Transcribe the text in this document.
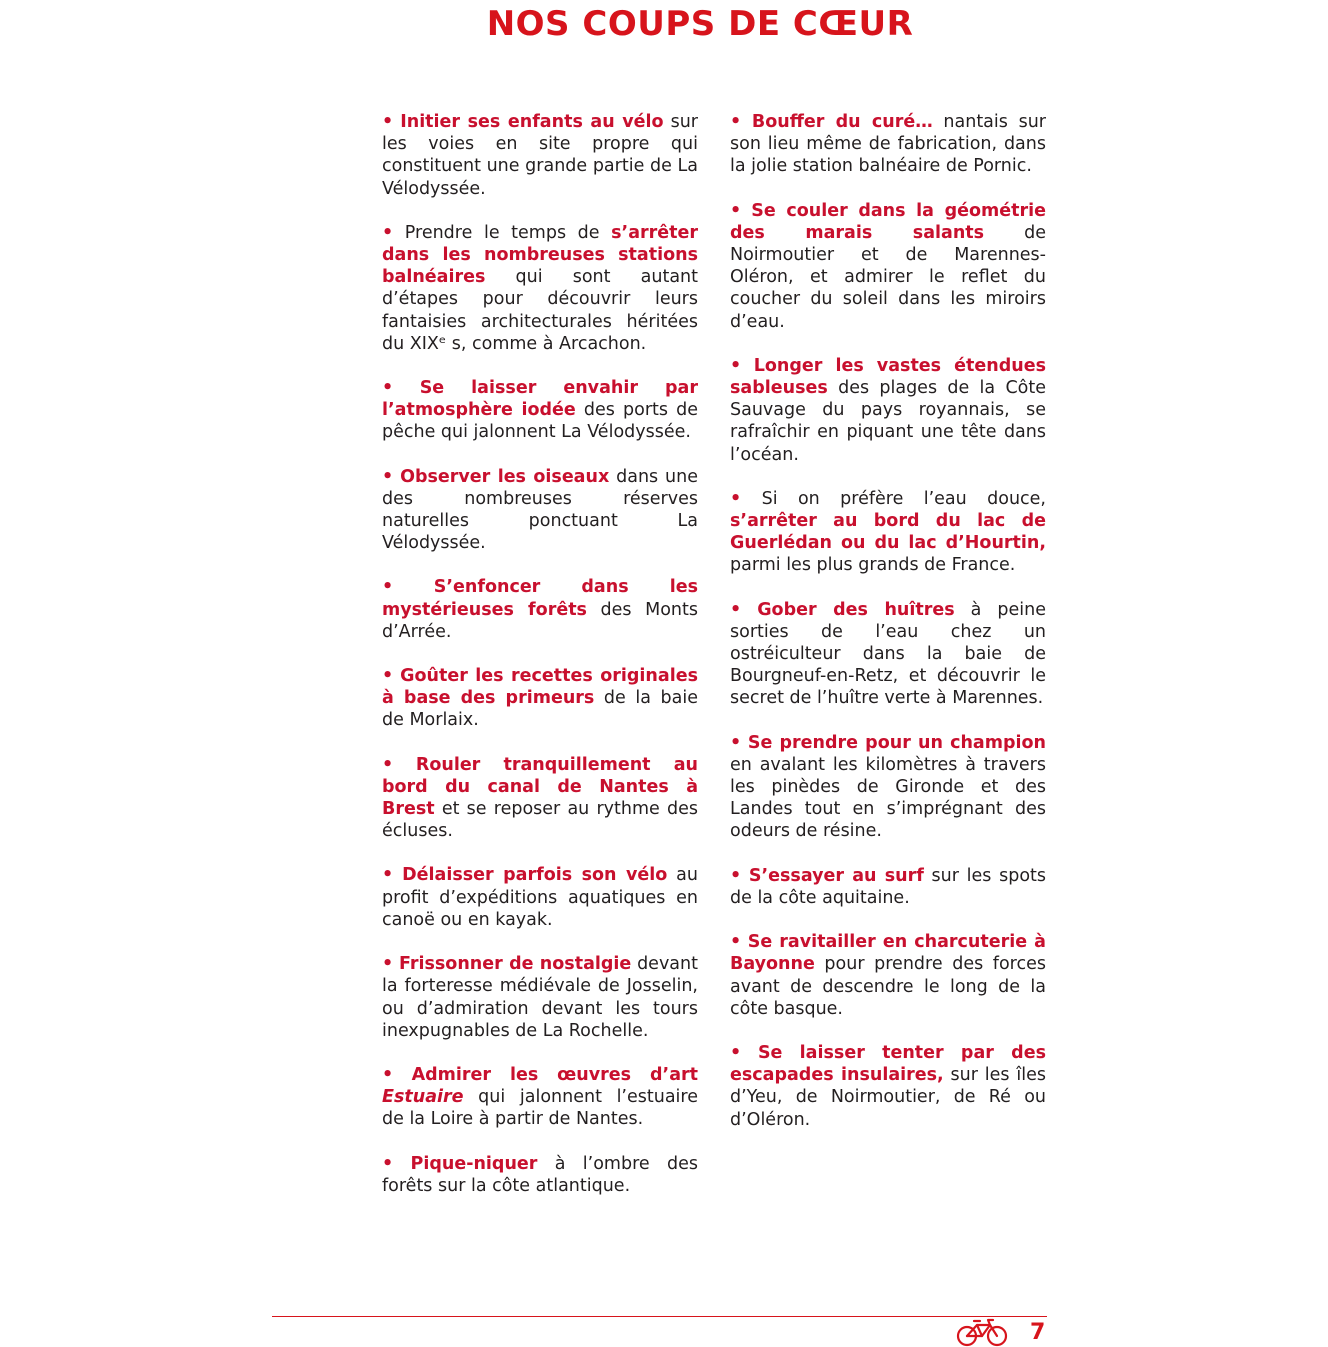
NOS COUPS DE CŒUR

• Initier ses enfants au vélo sur les voies en site propre qui constituent une grande partie de La Vélodyssée.

• Prendre le temps de s’arrêter dans les nombreuses stations balnéaires qui sont autant d’étapes pour découvrir leurs fantaisies architecturales héritées du XIXᵉ s, comme à Arcachon.

• Se laisser envahir par l’atmosphère iodée des ports de pêche qui jalonnent La Vélodyssée.

• Observer les oiseaux dans une des nombreuses réserves naturelles ponctuant La Vélodyssée.

• S’enfoncer dans les mystérieuses forêts des Monts d’Arrée.

• Goûter les recettes originales à base des primeurs de la baie de Morlaix.

• Rouler tranquillement au bord du canal de Nantes à Brest et se reposer au rythme des écluses.

• Délaisser parfois son vélo au profit d’expéditions aquatiques en canoë ou en kayak.

• Frissonner de nostalgie devant la forteresse médiévale de Josselin, ou d’admiration devant les tours inexpugnables de La Rochelle.

• Admirer les œuvres d’art Estuaire qui jalonnent l’estuaire de la Loire à partir de Nantes.

• Pique-niquer à l’ombre des forêts sur la côte atlantique.

• Bouffer du curé… nantais sur son lieu même de fabrication, dans la jolie station balnéaire de Pornic.

• Se couler dans la géométrie des marais salants de Noirmoutier et de Marennes-Oléron, et admirer le reflet du coucher du soleil dans les miroirs d’eau.

• Longer les vastes étendues sableuses des plages de la Côte Sauvage du pays royannais, se rafraîchir en piquant une tête dans l’océan.

• Si on préfère l’eau douce, s’arrêter au bord du lac de Guerlédan ou du lac d’Hourtin, parmi les plus grands de France.

• Gober des huîtres à peine sorties de l’eau chez un ostréiculteur dans la baie de Bourgneuf-en-Retz, et découvrir le secret de l’huître verte à Marennes.

• Se prendre pour un champion en avalant les kilomètres à travers les pinèdes de Gironde et des Landes tout en s’imprégnant des odeurs de résine.

• S’essayer au surf sur les spots de la côte aquitaine.

• Se ravitailler en charcuterie à Bayonne pour prendre des forces avant de descendre le long de la côte basque.

• Se laisser tenter par des escapades insulaires, sur les îles d’Yeu, de Noirmoutier, de Ré ou d’Oléron.

7
